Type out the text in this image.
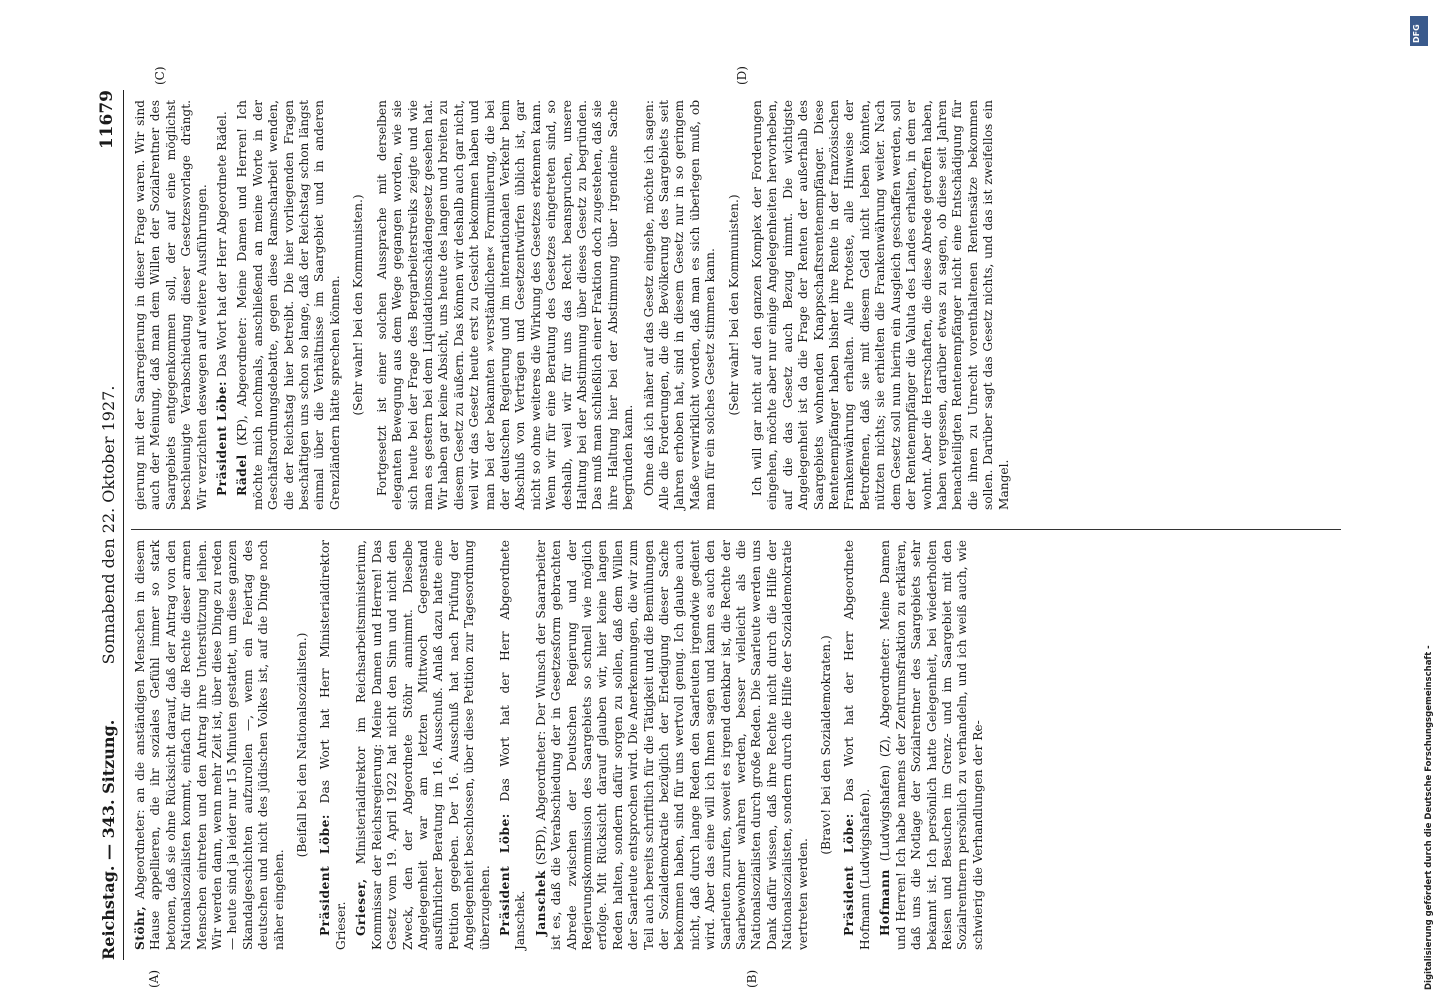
Reichstag. — 343. Sitzung.
Sonnabend den 22. Oktober 1927.
11679
(A)	(B)
(C)	(D)

Stöhr, Abgeordneter: an die anständigen Menschen in diesem Hause appellieren, die ihr soziales Gefühl immer so stark betonen, daß sie ohne Rücksicht darauf, daß der Antrag von den Nationalsozialisten kommt, einfach für die Rechte dieser armen Menschen eintreten und den Antrag ihre Unterstützung leihen. Wir werden dann, wenn mehr Zeit ist, über diese Dinge zu reden — heute sind ja leider nur 15 Minuten gestattet, um diese ganzen Skandalgeschichten aufzurollen —, wenn ein Feiertag des deutschen und nicht des jüdischen Volkes ist, auf die Dinge noch näher eingehen.

(Beifall bei den Nationalsozialisten.)

Präsident Löbe: Das Wort hat Herr Ministerialdirektor Grieser. Grieser, Ministerialdirektor im Reichsarbeitsministerium, Kommissar der Reichsregierung: Meine Damen und Herren! Das Gesetz vom 19. April 1922 hat nicht den Sinn und nicht den Zweck, den der Abgeordnete Stöhr annimmt. Dieselbe Angelegenheit war am letzten Mittwoch Gegenstand ausführlicher Beratung im 16. Ausschuß. Anlaß dazu hatte eine Petition gegeben. Der 16. Ausschuß hat nach Prüfung der Angelegenheit beschlossen, über diese Petition zur Tagesordnung überzugehen. Präsident Löbe: Das Wort hat der Herr Abgeordnete Janschek. Janschek (SPD), Abgeordneter: Der Wunsch der Saararbeiter ist es, daß die Verabschiedung der in Gesetzesform gebrachten Abrede zwischen der Deutschen Regierung und der Regierungskommission des Saargebiets so schnell wie möglich erfolge. Mit Rücksicht darauf glauben wir, hier keine langen Reden halten, sondern dafür sorgen zu sollen, daß dem Willen der Saarleute entsprochen wird. Die Anerkennungen, die wir zum Teil auch bereits schriftlich für die Tätigkeit und die Bemühungen der Sozialdemokratie bezüglich der Erledigung dieser Sache bekommen haben, sind für uns wertvoll genug. Ich glaube auch nicht, daß durch lange Reden den Saarleuten irgendwie gedient wird. Aber das eine will ich Ihnen sagen und kann es auch den Saarleuten zurufen, soweit es irgend denkbar ist, die Rechte der Saarbewohner wahren werden, besser vielleicht als die Nationalsozialisten durch große Reden. Die Saarleute werden uns Dank dafür wissen, daß ihre Rechte nicht durch die Hilfe der Nationalsozialisten, sondern durch die Hilfe der Sozialdemokratie vertreten werden.

(Bravo! bei den Sozialdemokraten.)

Präsident Löbe: Das Wort hat der Herr Abgeordnete Hofmann (Ludwigshafen). Hofmann (Ludwigshafen) (Z), Abgeordneter: Meine Damen und Herren! Ich habe namens der Zentrumsfraktion zu erklären, daß uns die Notlage der Sozialrentner des Saargebiets sehr bekannt ist. Ich persönlich hatte Gelegenheit, bei wiederholten Reisen und Besuchen im Grenz- und im Saargebiet mit den Sozialrentnern persönlich zu verhandeln, und ich weiß auch, wie schwierig die Verhandlungen der Re-

gierung mit der Saarregierung in dieser Frage waren. Wir sind auch der Meinung, daß man dem Willen der Sozialrentner des Saargebiets entgegenkommen soll, der auf eine möglichst beschleunigte Verabschiedung dieser Gesetzesvorlage drängt. Wir verzichten deswegen auf weitere Ausführungen. Präsident Löbe: Das Wort hat der Herr Abgeordnete Rädel.

Rädel (KP), Abgeordneter: Meine Damen und Herren! Ich möchte mich nochmals, anschließend an meine Worte in der Geschäftsordnungsdebatte, gegen diese Ramscharbeit wenden, die der Reichstag hier betreibt. Die hier vorliegenden Fragen beschäftigen uns schon so lange, daß der Reichstag schon längst einmal über die Verhältnisse im Saargebiet und in anderen Grenzländern hätte sprechen können. (Sehr wahr! bei den Kommunisten.) Fortgesetzt ist einer solchen Aussprache mit derselben eleganten Bewegung aus dem Wege gegangen worden, wie sie sich heute bei der Frage des Bergarbeiterstreiks zeigte und wie man es gestern bei dem Liquidationsschädengesetz gesehen hat. Wir haben gar keine Absicht, uns heute des langen und breiten zu diesem Gesetz zu äußern. Das können wir deshalb auch gar nicht, weil wir das Gesetz heute erst zu Gesicht bekommen haben und man bei der bekannten »verständlichen« Formulierung, die bei der deutschen Regierung und im internationalen Verkehr beim Abschluß von Verträgen und Gesetzentwürfen üblich ist, gar nicht so ohne weiteres die Wirkung des Gesetzes erkennen kann. Wenn wir für eine Beratung des Gesetzes eingetreten sind, so deshalb, weil wir für uns das Recht beanspruchen, unsere Haltung bei der Abstimmung über dieses Gesetz zu begründen. Das muß man schließlich einer Fraktion doch zugestehen, daß sie ihre Haltung hier bei der Abstimmung über irgendeine Sache begründen kann. Ohne daß ich näher auf das Gesetz eingehe, möchte ich sagen: Alle die Forderungen, die die Bevölkerung des Saargebiets seit Jahren erhoben hat, sind in diesem Gesetz nur in so geringem Maße verwirklicht worden, daß man es sich überlegen muß, ob man für ein solches Gesetz stimmen kann. (Sehr wahr! bei den Kommunisten.) Ich will gar nicht auf den ganzen Komplex der Forderungen eingehen, möchte aber nur einige Angelegenheiten hervorheben, auf die das Gesetz auch Bezug nimmt. Die wichtigste Angelegenheit ist da die Frage der Renten der außerhalb des Saargebiets wohnenden Knappschaftsrentenempfänger. Diese Rentenempfänger haben bisher ihre Rente in der französischen Frankenwährung erhalten. Alle Proteste, alle Hinweise der Betroffenen, daß sie mit diesem Geld nicht leben könnten, nützten nichts; sie erhielten die Frankenwährung weiter. Nach dem Gesetz soll nun hierin ein Ausgleich geschaffen werden, soll der Rentenempfänger die Valuta des Landes erhalten, in dem er wohnt. Aber die Herrschaften, die diese Abrede getroffen haben, haben vergessen, darüber etwas zu sagen, ob diese seit Jahren benachteiligten Rentenempfänger nicht eine Entschädigung für die ihnen zu Unrecht vorenthaltenen Rentensätze bekommen sollen. Darüber sagt das Gesetz nichts, und das ist zweifellos ein Mangel.

DFG
Digitalisierung gefördert durch die Deutsche Forschungsgemeinschaft -
